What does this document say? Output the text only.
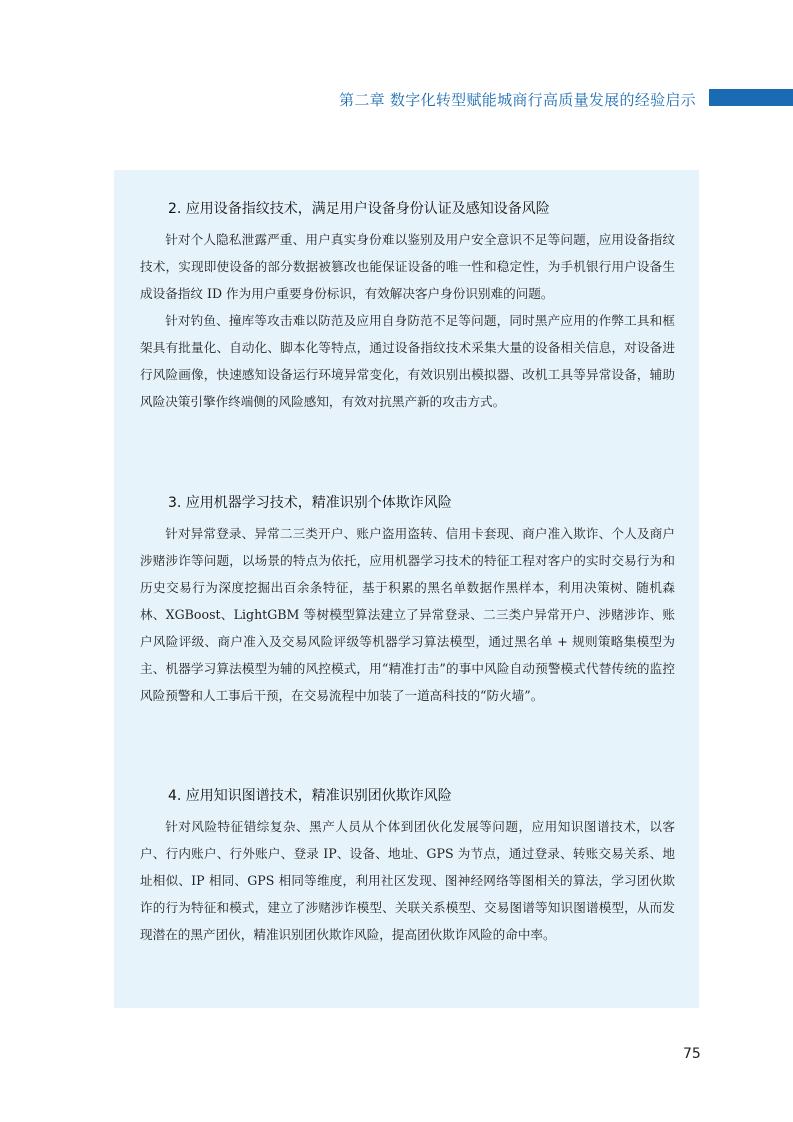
第二章 数字化转型赋能城商行高质量发展的经验启示
2. 应用设备指纹技术，满足用户设备身份认证及感知设备风险

针对个人隐私泄露严重、用户真实身份难以鉴别及用户安全意识不足等问题，应用设备指纹技术，实现即使设备的部分数据被篡改也能保证设备的唯一性和稳定性，为手机银行用户设备生成设备指纹 ID 作为用户重要身份标识，有效解决客户身份识别难的问题。

针对钓鱼、撞库等攻击难以防范及应用自身防范不足等问题，同时黑产应用的作弊工具和框架具有批量化、自动化、脚本化等特点，通过设备指纹技术采集大量的设备相关信息，对设备进行风险画像，快速感知设备运行环境异常变化，有效识别出模拟器、改机工具等异常设备，辅助风险决策引擎作终端侧的风险感知，有效对抗黑产新的攻击方式。

3. 应用机器学习技术，精准识别个体欺诈风险

针对异常登录、异常二三类开户、账户盗用盗转、信用卡套现、商户准入欺诈、个人及商户涉赌涉诈等问题，以场景的特点为依托，应用机器学习技术的特征工程对客户的实时交易行为和历史交易行为深度挖掘出百余条特征，基于积累的黑名单数据作黑样本，利用决策树、随机森林、XGBoost、LightGBM 等树模型算法建立了异常登录、二三类户异常开户、涉赌涉诈、账户风险评级、商户准入及交易风险评级等机器学习算法模型，通过黑名单 + 规则策略集模型为主、机器学习算法模型为辅的风控模式，用“精准打击”的事中风险自动预警模式代替传统的监控风险预警和人工事后干预，在交易流程中加装了一道高科技的“防火墙”。

4. 应用知识图谱技术，精准识别团伙欺诈风险

针对风险特征错综复杂、黑产人员从个体到团伙化发展等问题，应用知识图谱技术，以客户、行内账户、行外账户、登录 IP、设备、地址、GPS 为节点，通过登录、转账交易关系、地址相似、IP 相同、GPS 相同等维度，利用社区发现、图神经网络等图相关的算法，学习团伙欺诈的行为特征和模式，建立了涉赌涉诈模型、关联关系模型、交易图谱等知识图谱模型，从而发现潜在的黑产团伙，精准识别团伙欺诈风险，提高团伙欺诈风险的命中率。

75
